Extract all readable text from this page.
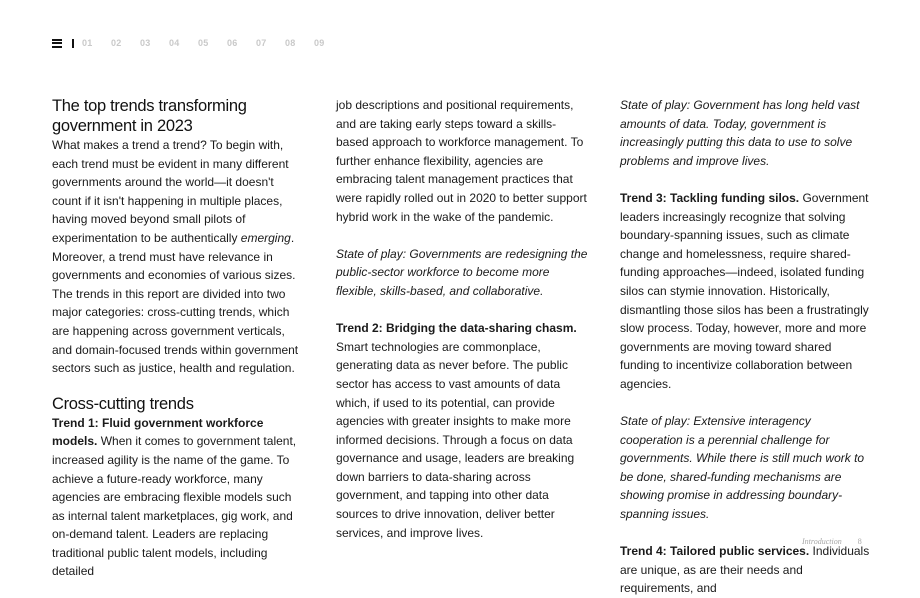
01	02	03	04	05	06	07	08	09
The top trends transforming government in 2023

What makes a trend a trend? To begin with, each trend must be evident in many different governments around the world—it doesn't count if it isn't happening in multiple places, having moved beyond small pilots of experimentation to be authentically emerging. Moreover, a trend must have relevance in governments and economies of various sizes. The trends in this report are divided into two major categories: cross-cutting trends, which are happening across government verticals, and domain-focused trends within government sectors such as justice, health and regulation.

Cross-cutting trends

Trend 1: Fluid government workforce models. When it comes to government talent, increased agility is the name of the game. To achieve a future-ready workforce, many agencies are embracing flexible models such as internal talent marketplaces, gig work, and on-demand talent. Leaders are replacing traditional public talent models, including detailed

job descriptions and positional requirements, and are taking early steps toward a skills-based approach to workforce management. To further enhance flexibility, agencies are embracing talent management practices that were rapidly rolled out in 2020 to better support hybrid work in the wake of the pandemic.

State of play: Governments are redesigning the public-sector workforce to become more flexible, skills-based, and collaborative.

Trend 2: Bridging the data-sharing chasm. Smart technologies are commonplace, generating data as never before. The public sector has access to vast amounts of data which, if used to its potential, can provide agencies with greater insights to make more informed decisions. Through a focus on data governance and usage, leaders are breaking down barriers to data-sharing across government, and tapping into other data sources to drive innovation, deliver better services, and improve lives.

State of play: Government has long held vast amounts of data. Today, government is increasingly putting this data to use to solve problems and improve lives.

Trend 3: Tackling funding silos. Government leaders increasingly recognize that solving boundary-spanning issues, such as climate change and homelessness, require shared-funding approaches—indeed, isolated funding silos can stymie innovation. Historically, dismantling those silos has been a frustratingly slow process. Today, however, more and more governments are moving toward shared funding to incentivize collaboration between agencies.

State of play: Extensive interagency cooperation is a perennial challenge for governments. While there is still much work to be done, shared-funding mechanisms are showing promise in addressing boundary-spanning issues.

Trend 4: Tailored public services. Individuals are unique, as are their needs and requirements, and

Introduction 8
